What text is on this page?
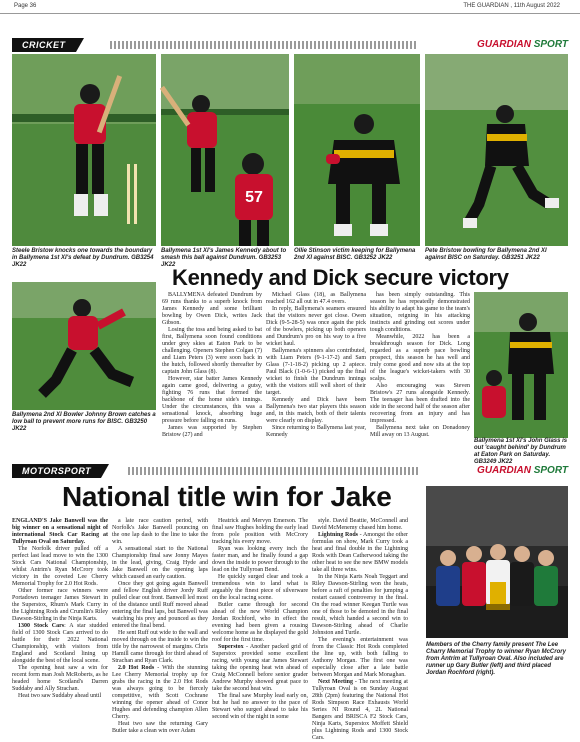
Page 36	THE GUARDIAN , 11th August 2022
CRICKET	GUARDIAN SPORT
57
Steele Bristow knocks one towards the boundary in Ballymena 1st XI's defeat by Dundrum. GB3254 JK22
Ballymena 1st XI's James Kennedy about to smash this ball against Dundrum. GB3253 JK22
Ollie Stinson victim keeping for Ballymena 2nd XI against BISC. GB3252 JK22
Pete Bristow bowling for Ballymena 2nd XI against BISC on Saturday. GB3251 JK22
Kennedy and Dick secure victory
Ballymena 2nd XI Bowler Johnny Brown catches a low ball to prevent more runs for BISC. GB3250 JK22

BALLYMENA defeated Dundrum by 69 runs thanks to a superb knock from James Kennedy and some brilliant bowling by Owen Dick, writes Jack Gibson.

Losing the toss and being asked to bat first, Ballymena soon found conditions under grey skies at Eaton Park to be challenging. Openers Stephen Colgan (7) and Liam Peters (3) were soon back in the hutch, followed shortly thereafter by captain John Glass (8).

However, star batter James Kennedy again came good, delivering a gutsy, fighting 76 runs that formed the backbone of the home side's innings. Under the circumstances, this was a sensational knock, absorbing huge pressure before falling on runs.

James was supported by Stephen Bristow (27) and

Michael Glass (18), as Ballymena reached 162 all out in 47.4 overs.

In reply, Ballymena's seamers ensured that the visitors never got close. Owen Dick (9-5-28-5) was once again the pick of the bowlers, picking up both openers and Dundrum's pro on his way to a five wicket haul.

Ballymena's spinners also contributed, with Liam Peters (9-1-17-2) and Sam Glass (7-1-18-2) picking up 2 apiece. Paul Black (1-0-6-1) picked up the final wicket to finish the Dundrum innings with the visitors still well short of their target.

Kennedy and Dick have been Ballymena's two star players this season and, in this match, both of their talents were clearly on display.

Since returning to Ballymena last year, Kennedy

has been simply outstanding. This season he has repeatedly demonstrated his ability to adapt his game to the team's situation, reigning in his attacking instincts and grinding out scores under tough conditions.

Meanwhile, 2022 has been a breakthrough season for Dick. Long regarded as a superb pace bowling prospect, this season he has well and truly come good and now sits at the top of the league's wicket-takers with 30 scalps.

Also encouraging was Steven Bristow's 27 runs alongside Kennedy. The teenager has been drafted into the side in the second half of the season after recovering from an injury and has impressed.

Ballymena next take on Donadoney Mill away on 13 August.

Ballymena 1st XI's John Glass is out 'caught behind' by Dundrum at Eaton Park on Saturday. GB3249 JK22
MOTORSPORT	GUARDIAN SPORT
National title win for Jake

ENGLAND'S Jake Banwell was the big winner on a sensational night of international Stock Car Racing at Tullyroan Oval on Saturday.

The Norfolk driver pulled off a perfect last lead move to win the 1300 Stock Cars National Championship, whilst Antrim's Ryan McCrory took victory in the coveted Lee Cherry Memorial Trophy for 2.0 Hot Rods.

Other former race winners were Portadown teenager James Stewart in the Superstox, Rhum's Mark Curry in the Lightning Rods and Crumlin's Riley Dawson-Stirling in the Ninja Karts.

1300 Stock Cars: A star studded field of 1300 Stock Cars arrived to do battle for their 2022 National Championship, with visitors from England and Scotland lining up alongside the best of the local scene.

The opening heat saw a win for recent form man Josh McRoberts, as he headed home Scotland's Darren Suddaby and Ally Strachan.

Heat two saw Suddaby ahead until

a late race caution period, with Norfolk's Jake Banwell pouncing on the one lap dash to the line to take the win.

A sensational start to the National Championship final saw Jonny Mayes in the lead, giving, Craig Hyde and Jake Banwell on the opening laps which caused an early caution.

Once they got going again Banwell and fellow English driver Jordy Ruff pulled clear out front. Banwell led most of the distance until Ruff moved ahead entering the final laps, but Banwell was watching his prey and pounced as they entered the final bend.

He sent Ruff out wide to the wall and moved through on the inside to win the title by the narrowest of margins. Chris Hamill came through for third ahead of Strachan and Ryan Clark.

2.0 Hot Rods - With the stunning Lee Cherry Memorial trophy up for grabs the racing in the 2.0 Hot Rods was always going to be fiercely competitive, with Scott Cochrane winning the opener ahead of Conor Hughes and defending champion Allen Cherry.

Heat two saw the returning Gary Butler take a clean win over Adam

Heatrick and Mervyn Emerson. The final saw Hughes holding the early lead from pole position with McCrory tracking his every move.

Ryan was looking every inch the faster man, and he finally found a gap down the inside to power through to the lead on the Tullyroan Bend.

He quickly surged clear and took a tremendous win to land what is arguably the finest piece of silverware on the local racing scene.

Butler came through for second ahead of the new World Champion Jordan Rochford, who in effect the evening had been given a rousing welcome home as he displayed the gold roof for the first time.

Superstox - Another packed grid of Superstox provided some excellent racing, with young star James Stewart taking the opening heat win ahead of Craig McConnell before senior grader Andrew Murphy showed great pace to take the second heat win.

The final saw Murphy lead early on, but he had no answer to the pace of Stewart who surged ahead to take his second win of the night in some

style. David Beattie, McConnell and David McMenemy chased him home.

Lightning Rods - Amongst the other formulas on show, Mark Curry took a heat and final double in the Lightning Rods with Dean Catherwood taking the other heat to see the new BMW models take all three wins.

In the Ninja Karts Noah Teggart and Riley Dawson-Stirling won the heats, before a raft of penalties for jumping a restart caused controversy in the final. On the road winner Keegan Turtle was one of those to be demoted in the final result, which handed a second win to Dawson-Stirling ahead of Charlie Johnston and Turtle.

The evening's entertainment was from the Classic Hot Rods completed the line up, with both falling to Anthony Morgan. The first one was especially close after a late battle between Morgan and Mark Monaghan.

Next Meeting - The next meeting at Tullyroan Oval is on Sunday August 28th (2pm) featuring the National Hot Rods Simpson Race Exhausts World Series NI Round 4, 2L National Bangers and BRISCA F2 Stock Cars, Ninja Karts, Superstox Moffett Shield plus Lightning Rods and 1300 Stock Cars.

Members of the Cherry family present The Lee Charry Memorial Trophy to winner Ryan McCrory from Antrim at Tullyroan Oval. Also included are runner up Gary Butler (left) and third placed Jordan Rochford (right).
